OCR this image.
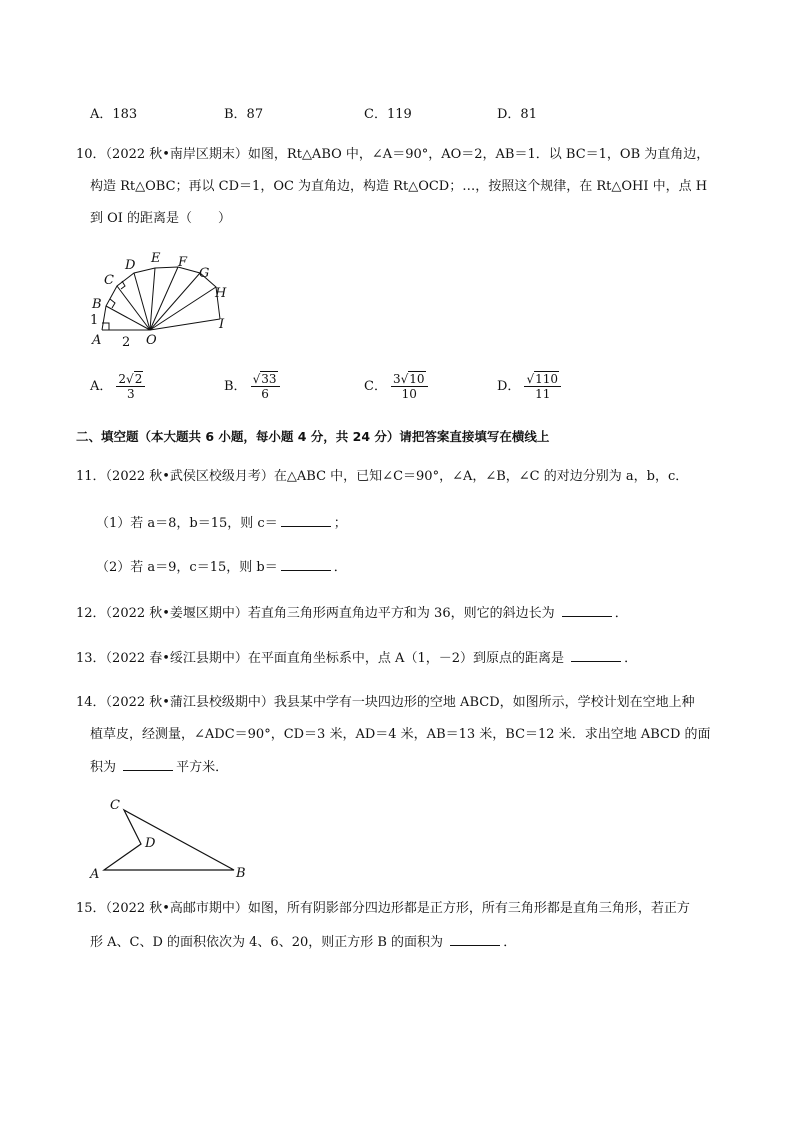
A．183	B．87	C．119	D．81
10．（2022 秋•南岸区期末）如图，Rt△ABO 中，∠A＝90°，AO＝2，AB＝1．以 BC＝1，OB 为直角边，
构造 Rt△OBC；再以 CD＝1，OC 为直角边，构造 Rt△OCD；…，按照这个规律，在 Rt△OHI 中，点 H
到 OI 的距离是（　　）
A
B
C
D E F
G
H
I
O
1
2
A． $\frac{2√2}{3}$	B． $\frac{√33}{6}$	C． $\frac{3√10}{10}$	D． $\frac{√110}{11}$
二、填空题（本大题共 6 小题，每小题 4 分，共 24 分）请把答案直接填写在横线上
11．（2022 秋•武侯区校级月考）在△ABC 中，已知∠C＝90°，∠A，∠B，∠C 的对边分别为 a，b，c．
（1）若 a＝8，b＝15，则 c＝	；
（2）若 a＝9，c＝15，则 b＝	．
12．（2022 秋•姜堰区期中）若直角三角形两直角边平方和为 36，则它的斜边长为	．
13．（2022 春•绥江县期中）在平面直角坐标系中，点 A（1，－2）到原点的距离是	．
14．（2022 秋•蒲江县校级期中）我县某中学有一块四边形的空地 ABCD，如图所示，学校计划在空地上种
植草皮，经测量，∠ADC＝90°，CD＝3 米，AD＝4 米，AB＝13 米，BC＝12 米．求出空地 ABCD 的面
积为	平方米．
C
D
A	B
15．（2022 秋•高邮市期中）如图，所有阴影部分四边形都是正方形，所有三角形都是直角三角形，若正方
形 A、C、D 的面积依次为 4、6、20，则正方形 B 的面积为	．
